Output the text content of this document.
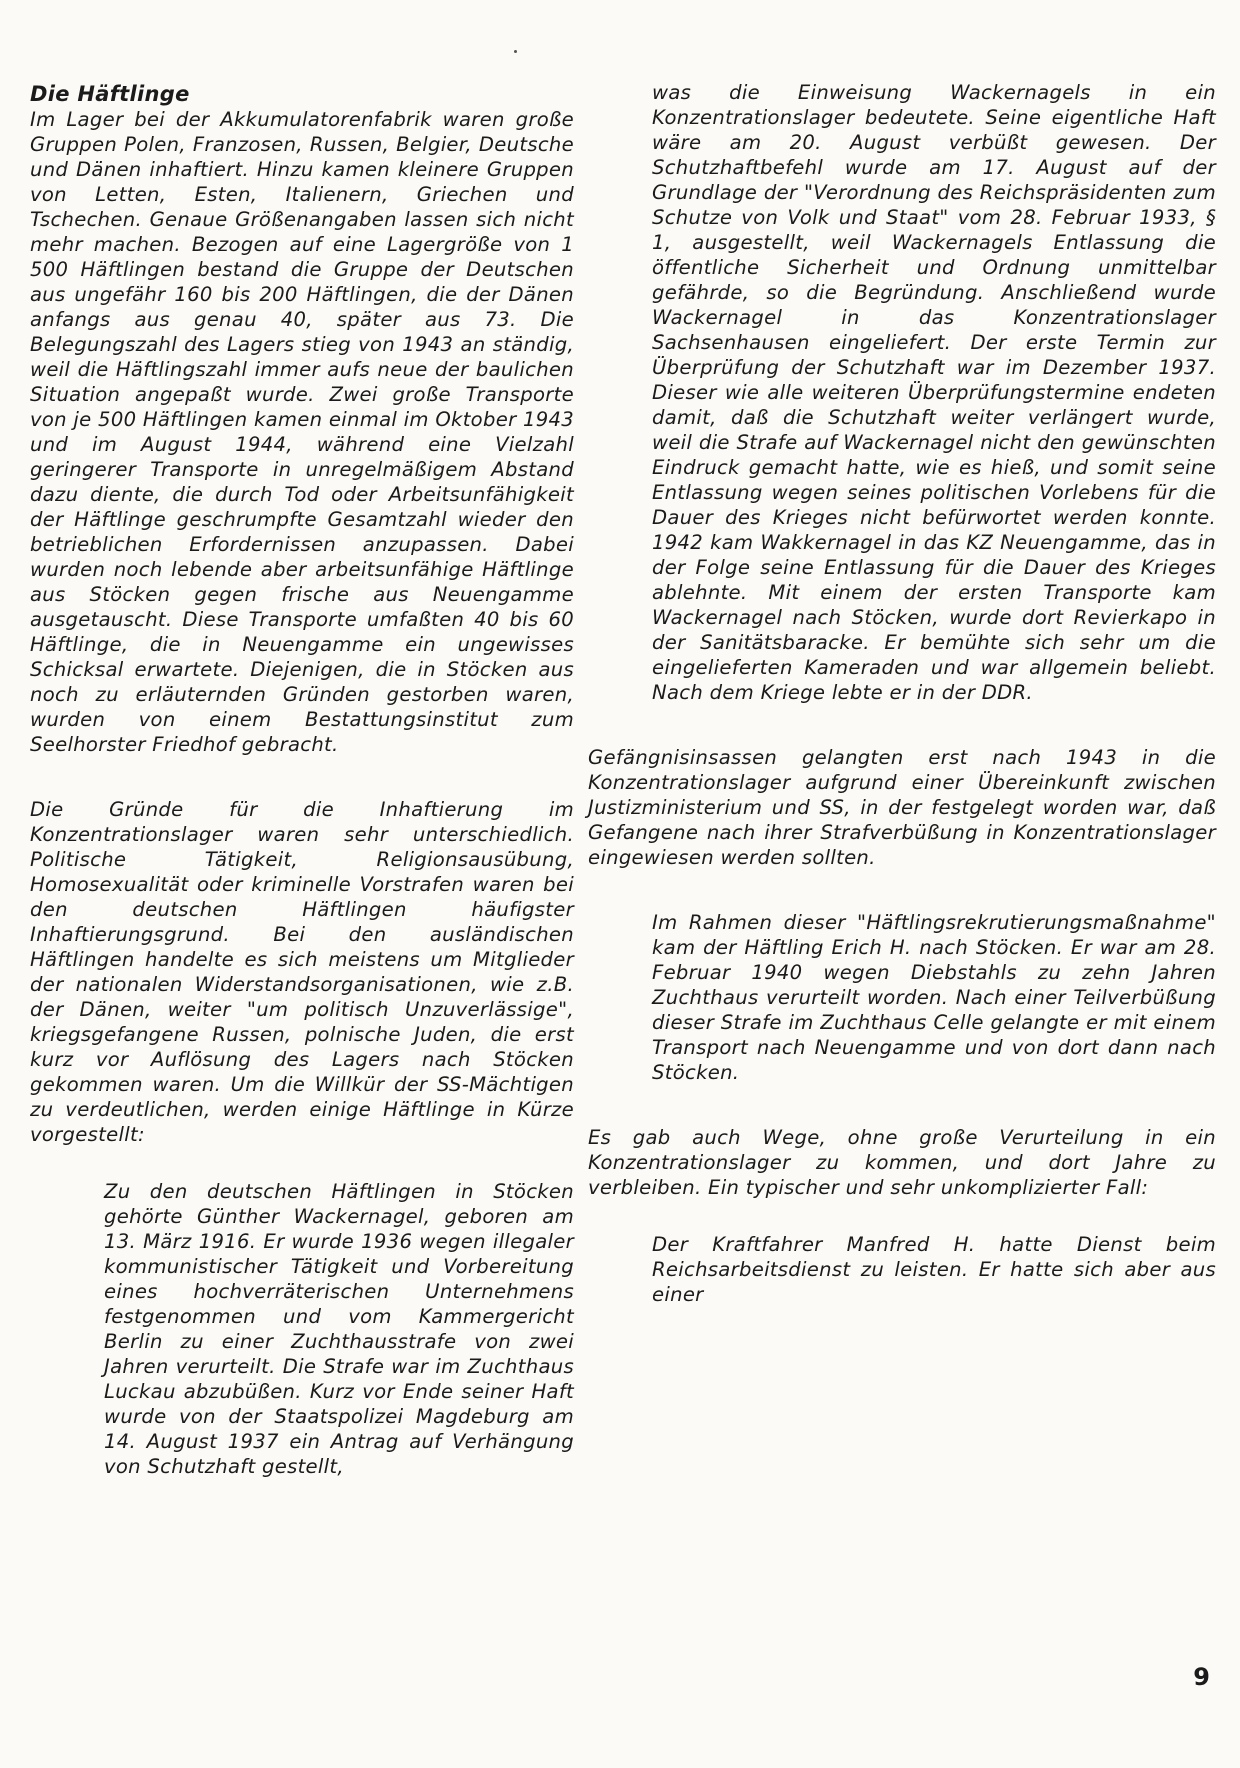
Die Häftlinge

Im Lager bei der Akkumulatorenfabrik waren große Gruppen Polen, Franzosen, Russen, Belgier, Deutsche und Dänen inhaftiert. Hinzu kamen kleinere Gruppen von Letten, Esten, Italienern, Griechen und Tschechen. Genaue Größenangaben lassen sich nicht mehr machen. Bezogen auf eine Lagergröße von 1 500 Häftlingen bestand die Gruppe der Deutschen aus ungefähr 160 bis 200 Häftlingen, die der Dänen anfangs aus genau 40, später aus 73. Die Belegungszahl des Lagers stieg von 1943 an ständig, weil die Häftlingszahl immer aufs neue der baulichen Situation angepaßt wurde. Zwei große Transporte von je 500 Häftlingen kamen einmal im Oktober 1943 und im August 1944, während eine Vielzahl geringerer Transporte in unregelmäßigem Abstand dazu diente, die durch Tod oder Arbeitsunfähigkeit der Häftlinge geschrumpfte Gesamtzahl wieder den betrieblichen Erfordernissen anzupassen. Dabei wurden noch lebende aber arbeitsunfähige Häftlinge aus Stöcken gegen frische aus Neuengamme ausgetauscht. Diese Transporte umfaßten 40 bis 60 Häftlinge, die in Neuengamme ein ungewisses Schicksal erwartete. Diejenigen, die in Stöcken aus noch zu erläuternden Gründen gestorben waren, wurden von einem Bestattungsinstitut zum Seelhorster Friedhof gebracht.

Die Gründe für die Inhaftierung im Konzentrationslager waren sehr unterschiedlich. Politische Tätigkeit, Religionsausübung, Homosexualität oder kriminelle Vorstrafen waren bei den deutschen Häftlingen häufigster Inhaftierungsgrund. Bei den ausländischen Häftlingen handelte es sich meistens um Mitglieder der nationalen Widerstandsorganisationen, wie z.B. der Dänen, weiter "um politisch Unzuverlässige", kriegsgefangene Russen, polnische Juden, die erst kurz vor Auflösung des Lagers nach Stöcken gekommen waren. Um die Willkür der SS-Mächtigen zu verdeutlichen, werden einige Häftlinge in Kürze vorgestellt:

Zu den deutschen Häftlingen in Stöcken gehörte Günther Wackernagel, geboren am 13. März 1916. Er wurde 1936 wegen illegaler kommunistischer Tätigkeit und Vorbereitung eines hochverräterischen Unternehmens festgenommen und vom Kammergericht Berlin zu einer Zuchthausstrafe von zwei Jahren verurteilt. Die Strafe war im Zuchthaus Luckau abzubüßen. Kurz vor Ende seiner Haft wurde von der Staatspolizei Magdeburg am 14. August 1937 ein Antrag auf Verhängung von Schutzhaft gestellt,

was die Einweisung Wackernagels in ein Konzentrationslager bedeutete. Seine eigentliche Haft wäre am 20. August verbüßt gewesen. Der Schutzhaftbefehl wurde am 17. August auf der Grundlage der "Verordnung des Reichspräsidenten zum Schutze von Volk und Staat" vom 28. Februar 1933, § 1, ausgestellt, weil Wackernagels Entlassung die öffentliche Sicherheit und Ordnung unmittelbar gefährde, so die Begründung. Anschließend wurde Wackernagel in das Konzentrationslager Sachsenhausen eingeliefert. Der erste Termin zur Überprüfung der Schutzhaft war im Dezember 1937. Dieser wie alle weiteren Überprüfungstermine endeten damit, daß die Schutzhaft weiter verlängert wurde, weil die Strafe auf Wackernagel nicht den gewünschten Eindruck gemacht hatte, wie es hieß, und somit seine Entlassung wegen seines politischen Vorlebens für die Dauer des Krieges nicht befürwortet werden konnte. 1942 kam Wakkernagel in das KZ Neuengamme, das in der Folge seine Entlassung für die Dauer des Krieges ablehnte. Mit einem der ersten Transporte kam Wackernagel nach Stöcken, wurde dort Revierkapo in der Sanitätsbaracke. Er bemühte sich sehr um die eingelieferten Kameraden und war allgemein beliebt. Nach dem Kriege lebte er in der DDR.

Gefängnisinsassen gelangten erst nach 1943 in die Konzentrationslager aufgrund einer Übereinkunft zwischen Justizministerium und SS, in der festgelegt worden war, daß Gefangene nach ihrer Strafverbüßung in Konzentrationslager eingewiesen werden sollten.

Im Rahmen dieser "Häftlingsrekrutierungsmaßnahme" kam der Häftling Erich H. nach Stöcken. Er war am 28. Februar 1940 wegen Diebstahls zu zehn Jahren Zuchthaus verurteilt worden. Nach einer Teilverbüßung dieser Strafe im Zuchthaus Celle gelangte er mit einem Transport nach Neuengamme und von dort dann nach Stöcken.

Es gab auch Wege, ohne große Verurteilung in ein Konzentrationslager zu kommen, und dort Jahre zu verbleiben. Ein typischer und sehr unkomplizierter Fall:

Der Kraftfahrer Manfred H. hatte Dienst beim Reichsarbeitsdienst zu leisten. Er hatte sich aber aus einer

9
